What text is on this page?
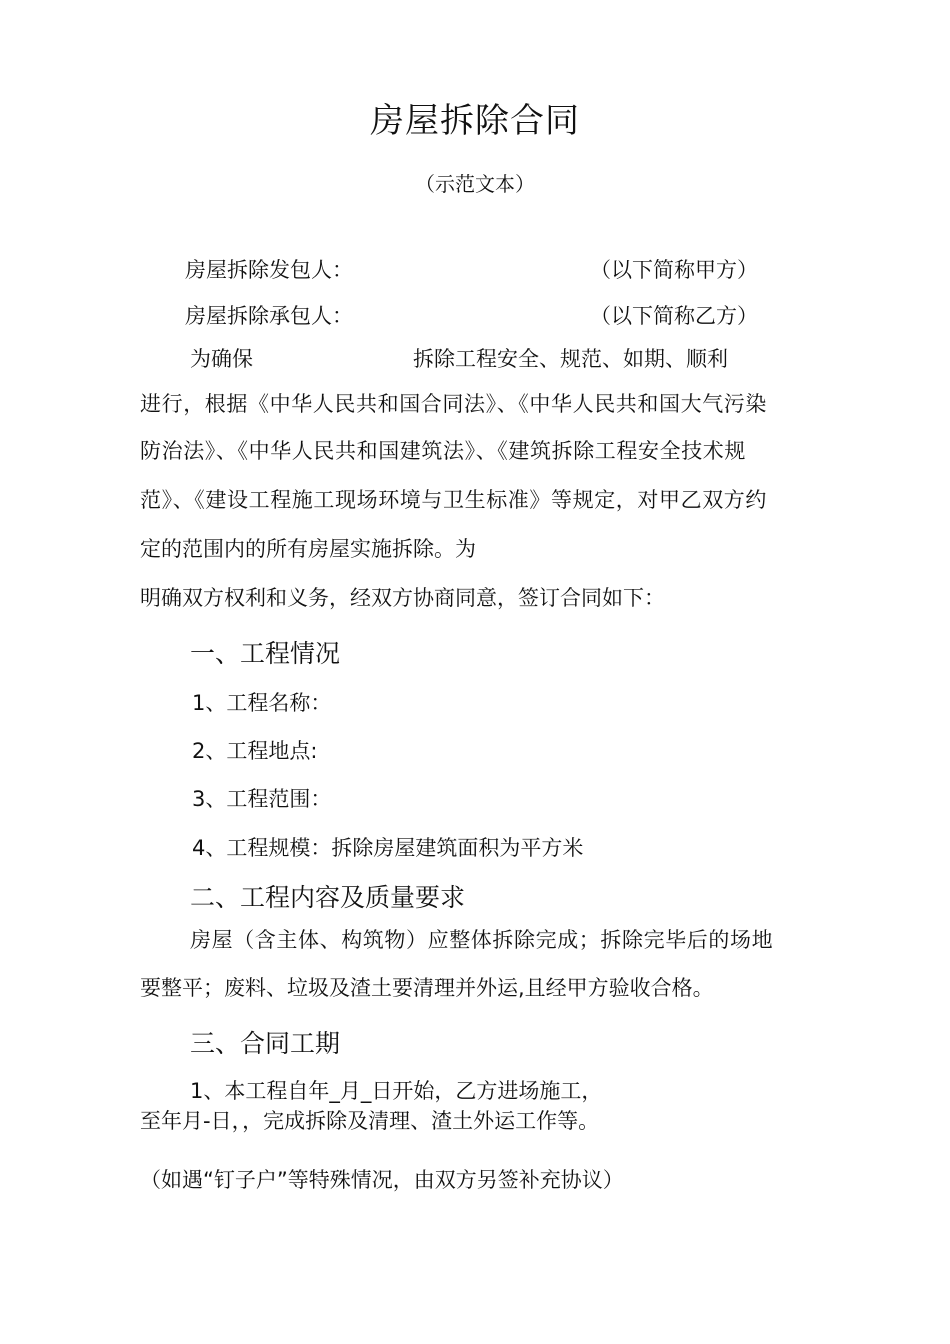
房屋拆除合同
（示范文本）
房屋拆除发包人：	（以下简称甲方）
房屋拆除承包人：	（以下简称乙方）
为确保	拆除工程安全、规范、如期、顺利
进行，根据《中华人民共和国合同法》、《中华人民共和国大气污染
防治法》、《中华人民共和国建筑法》、《建筑拆除工程安全技术规
范》、《建设工程施工现场环境与卫生标准》等规定，对甲乙双方约
定的范围内的所有房屋实施拆除。为
明确双方权利和义务，经双方协商同意，签订合同如下：
一、工程情况
1、工程名称：
2、工程地点:
3、工程范围：
4、工程规模：拆除房屋建筑面积为平方米
二、工程内容及质量要求
房屋（含主体、构筑物）应整体拆除完成；拆除完毕后的场地
要整平；废料、垃圾及渣土要清理并外运,且经甲方验收合格。
三、合同工期
1、本工程自年_月_日开始，乙方进场施工，
至年月-日，，完成拆除及清理、渣土外运工作等。
（如遇“钉子户”等特殊情况，由双方另签补充协议）
